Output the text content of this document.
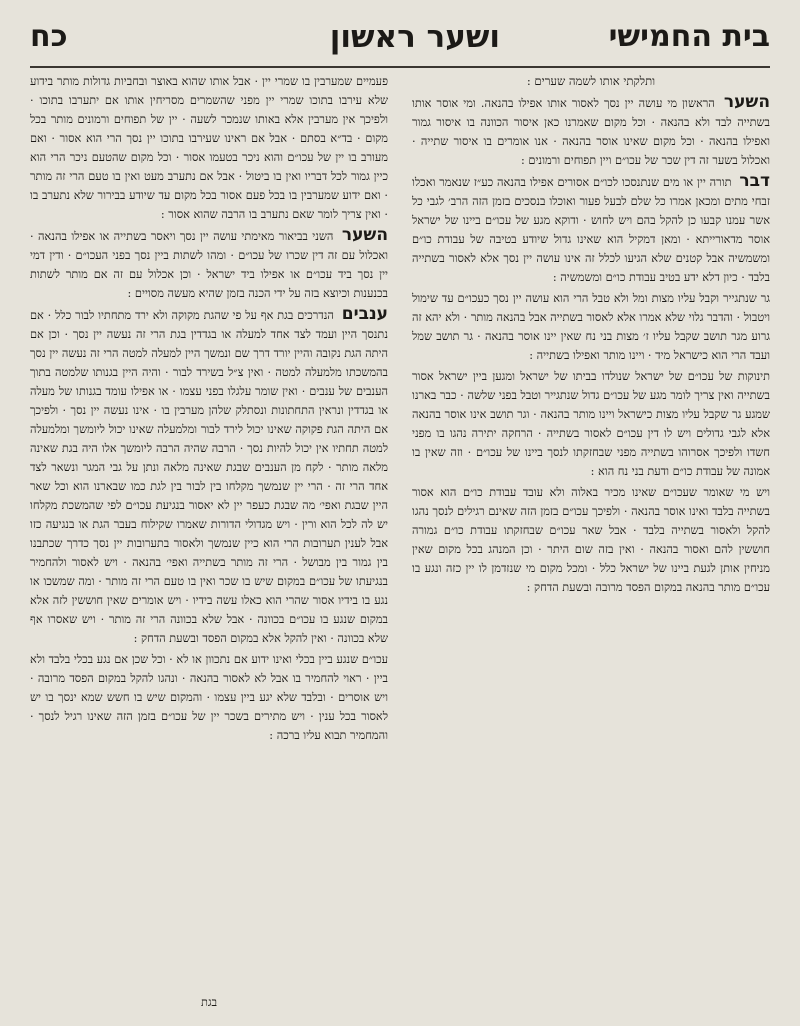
בית החמישי
ושער ראשון
כח

ותלקתי אותו לשמה שערים :

השער הראשון מי עושה יין נסך לאסור אותו אפילו בהנאה. ומי אוסר אותו בשתייה לבד ולא בהנאה · וכל מקום שאמרנו כאן איסור הכוונה בו איסור גמור ואפילו בהנאה · וכל מקום שאינו אוסר בהנאה · אנו אומרים בו איסור שתייה · ואכלול בשער זה דין שכר של עכו״ם ויין תפוחים ורמונים :

דבר תורה יין או מים שנתנסכו לכו״ם אסורים אפילו בהנאה כע״ז שנאמר ואכלו זבחי מתים ומכאן אמרו כל שלם לבעל פעור ואוכלו בנסכים בזמן הזה הרב׳ לגבי כל אשר עמנו קבעו כן להקל בהם ויש לחוש · ודוקא מגע של עכו״ם ביינו של ישראל אוסר מדאורייתא · ומאן דמקיל הוא שאינו גדול שיודע בטיבה של עבודת כו״ם ומשמשיה אבל קטנים שלא הגיעו לכלל זה אינו עושה יין נסך אלא לאסור בשתייה בלבד · כיון דלא ידע בטיב עבודת כו״ם ומשמשיה :

גר שנתגייר וקבל עליו מצות ומל ולא טבל הרי הוא עושה יין נסך כעכו״ם עד שימול ויטבול · והדבר גלוי שלא אמרו אלא לאסור בשתייה אבל בהנאה מותר · ולא יהא זה גרוע מגר תושב שקבל עליו ז׳ מצות בני נח שאין יינו אוסר בהנאה · גר תושב שמל ועבד הרי הוא כישראל מיד · ויינו מותר ואפילו בשתייה :

תינוקות של עכו״ם של ישראל שנולדו בביתו של ישראל ומגען ביין ישראל אסור בשתייה ואין צריך לומר מגע של עכו״ם גדול שנתגייר וטבל בפני שלשה · כבר בארנו שמגע גר שקבל עליו מצות כישראל ויינו מותר בהנאה · וגר תושב אינו אוסר בהנאה אלא לגבי גדולים ויש לו דין עכו״ם לאסור בשתייה · הרחקה יתירה נהגו בו מפני חשדו ולפיכך אסרוהו בשתייה מפני שבחזקתו לנסך ביינו של עכו״ם · וזה שאין בו אמונה של עבודת כו״ם ודעת בני נח הוא :

ויש מי שאומר שעכו״ם שאינו מכיר באלוה ולא עובד עבודת כו״ם הוא אסור בשתייה בלבד ואינו אוסר בהנאה · ולפיכך עכו״ם בזמן הזה שאינם רגילים לנסך נהגו להקל ולאסור בשתייה בלבד · אבל שאר עכו״ם שבחזקתו עבודת כו״ם גמורה חוששין להם ואסור בהנאה · ואין בזה שום היתר · וכן המנהג בכל מקום שאין מניחין אותן לגעת ביינו של ישראל כלל · ומכל מקום מי שנזדמן לו יין כזה ונגע בו עכו״ם מותר בהנאה במקום הפסד מרובה ובשעת הדחק :

פעמיים שמערבין בו שמרי יין · אבל אותו שהוא באוצר ובחביות גדולות מותר בידוע שלא עירבו בתוכו שמרי יין מפני שהשמרים מסריחין אותו אם יתערבו בתוכו · ולפיכך אין מערבין אלא באותו שנמכר לשעה · יין של תפוחים ורמונים מותר בכל מקום · בד״א בסתם · אבל אם ראינו שעירבו בתוכו יין נסך הרי הוא אסור · ואם מעורב בו יין של עכו״ם והוא ניכר בטעמו אסור · וכל מקום שהטעם ניכר הרי הוא כיין גמור לכל דבריו ואין בו ביטול · אבל אם נתערב מעט ואין בו טעם הרי זה מותר · ואם ידוע שמערבין בו בכל פעם אסור בכל מקום עד שיודע בבירור שלא נתערב בו · ואין צריך לומר שאם נתערב בו הרבה שהוא אסור :

השער השני בביאור מאימתי עושה יין נסך ויאסר בשתייה או אפילו בהנאה · ואכלול עם זה דין שכרו של עכו״ם · ומהו לשתות ביין נסך בפני העכו״ם · ודין דמי יין נסך ביד עכו״ם או אפילו ביד ישראל · וכן אכלול עם זה אם מותר לשתות בכנענות וכיוצא בזה על ידי הכנה בזמן שהיא מעשה מסויים :

ענבים הנדרכים בגת אף על פי שהגת מקוקה ולא ירד מתחתיו לבור כלל · אם נתנסך היין ועמד לצד אחד למעלה או בגדדין בגת הרי זה נעשה יין נסך · וכן אם היתה הגת נקובה והיין יורד דרך שם ונמשך היין למעלה למטה הרי זה נעשה יין נסך בהמשכתו מלמעלה למטה · ואין צ״ל בשירד לבור · והיה היין בגנותו שלמטה בתוך הענבים של ענבים · ואין שומר עלגלו בפני עצמו · או אפילו עומד בגנותו של מעלה או בגדדין ונראין התחתונות ונסתלק שלהן מערבין בו · אינו נעשה יין נסך · ולפיכך אם היתה הגת פקוקה שאינו יכול לירד לבור ומלמעלה שאינו יכול ליומשך ומלמעלה למטה תחתיו אין יכול להיות נסך · הרבה שהיה הרבה ליומשך אלו היה בגת שאינה מלאה מותר · לקח מן הענבים שבגת שאינה מלאה ונתן על גבי המגר ונשאר לצד אחד הרי זה · הרי יין שנמשך מקלחו בין לבור בין לגת כמו שבארנו הוא וכל שאר היין שבגת ואפי׳ מה שבגת כעפר יין לא יאסור בנגיעת עכו״ם לפי שהמשכת מקלחו יש לה לכל הוא ורין · ויש מגדולי הדורות שאמרו שקילוח בעבר הגת או בנגיעה כזו אבל לענין תערובות הרי הוא כיין שנמשך ולאסור בתערובות יין נסך כדרך שכתבנו בין גמור בין מבושל · הרי זה מותר בשתייה ואפי׳ בהנאה · ויש לאסור ולהחמיר בנגיעתו של עכו״ם במקום שיש בו שכר ואין בו טעם הרי זה מותר · ומה שמשכו או נגע בו בידיו אסור שהרי הוא כאלו עשה בידיו · ויש אומרים שאין חוששין לזה אלא במקום שנגע בו עכו״ם בכוונה · אבל שלא בכוונה הרי זה מותר · ויש שאסרו אף שלא בכוונה · ואין להקל אלא במקום הפסד ובשעת הדחק :

עכו״ם שנגע ביין בכלי ואינו ידוע אם נתכוון או לא · וכל שכן אם נגע בכלי בלבד ולא ביין · ראוי להחמיר בו אבל לא לאסור בהנאה · ונהגו להקל במקום הפסד מרובה · ויש אוסרים · ובלבד שלא יגע ביין עצמו · והמקום שיש בו חשש שמא ינסך בו יש לאסור בכל ענין · ויש מתירים בשכר יין של עכו״ם בזמן הזה שאינו רגיל לנסך · והמחמיר תבוא עליו ברכה :

בגת
